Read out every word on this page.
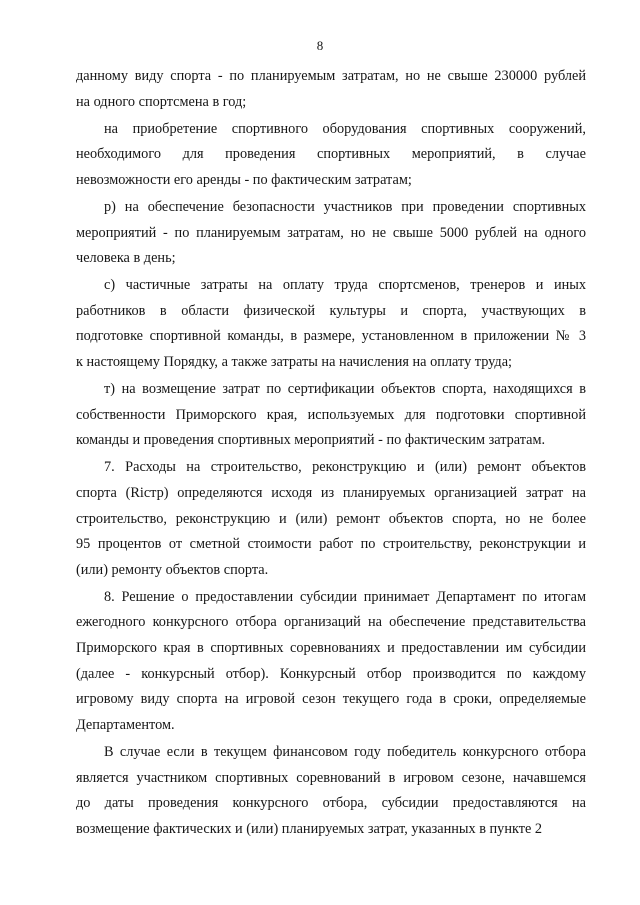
8
данному виду спорта - по планируемым затратам, но не свыше 230000 рублей
на одного спортсмена в год;
на приобретение спортивного оборудования спортивных сооружений,
необходимого для проведения спортивных мероприятий, в случае
невозможности его аренды - по фактическим затратам;
р) на обеспечение безопасности участников при проведении спортивных
мероприятий - по планируемым затратам, но не свыше 5000 рублей на одного
человека в день;
с) частичные затраты на оплату труда спортсменов, тренеров и иных
работников в области физической культуры и спорта, участвующих в
подготовке спортивной команды, в размере, установленном в приложении № 3
к настоящему Порядку, а также затраты на начисления на оплату труда;
т) на возмещение затрат по сертификации объектов спорта, находящихся в
собственности Приморского края, используемых для подготовки спортивной
команды и проведения спортивных мероприятий - по фактическим затратам.
7. Расходы на строительство, реконструкцию и (или) ремонт объектов
спорта (Riстр) определяются исходя из планируемых организацией затрат на
строительство, реконструкцию и (или) ремонт объектов спорта, но не более
95 процентов от сметной стоимости работ по строительству, реконструкции и
(или) ремонту объектов спорта.
8. Решение о предоставлении субсидии принимает Департамент по итогам
ежегодного конкурсного отбора организаций на обеспечение представительства
Приморского края в спортивных соревнованиях и предоставлении им субсидии
(далее - конкурсный отбор). Конкурсный отбор производится по каждому
игровому виду спорта на игровой сезон текущего года в сроки, определяемые
Департаментом.
В случае если в текущем финансовом году победитель конкурсного отбора
является участником спортивных соревнований в игровом сезоне, начавшемся
до даты проведения конкурсного отбора, субсидии предоставляются на
возмещение фактических и (или) планируемых затрат, указанных в пункте 2
